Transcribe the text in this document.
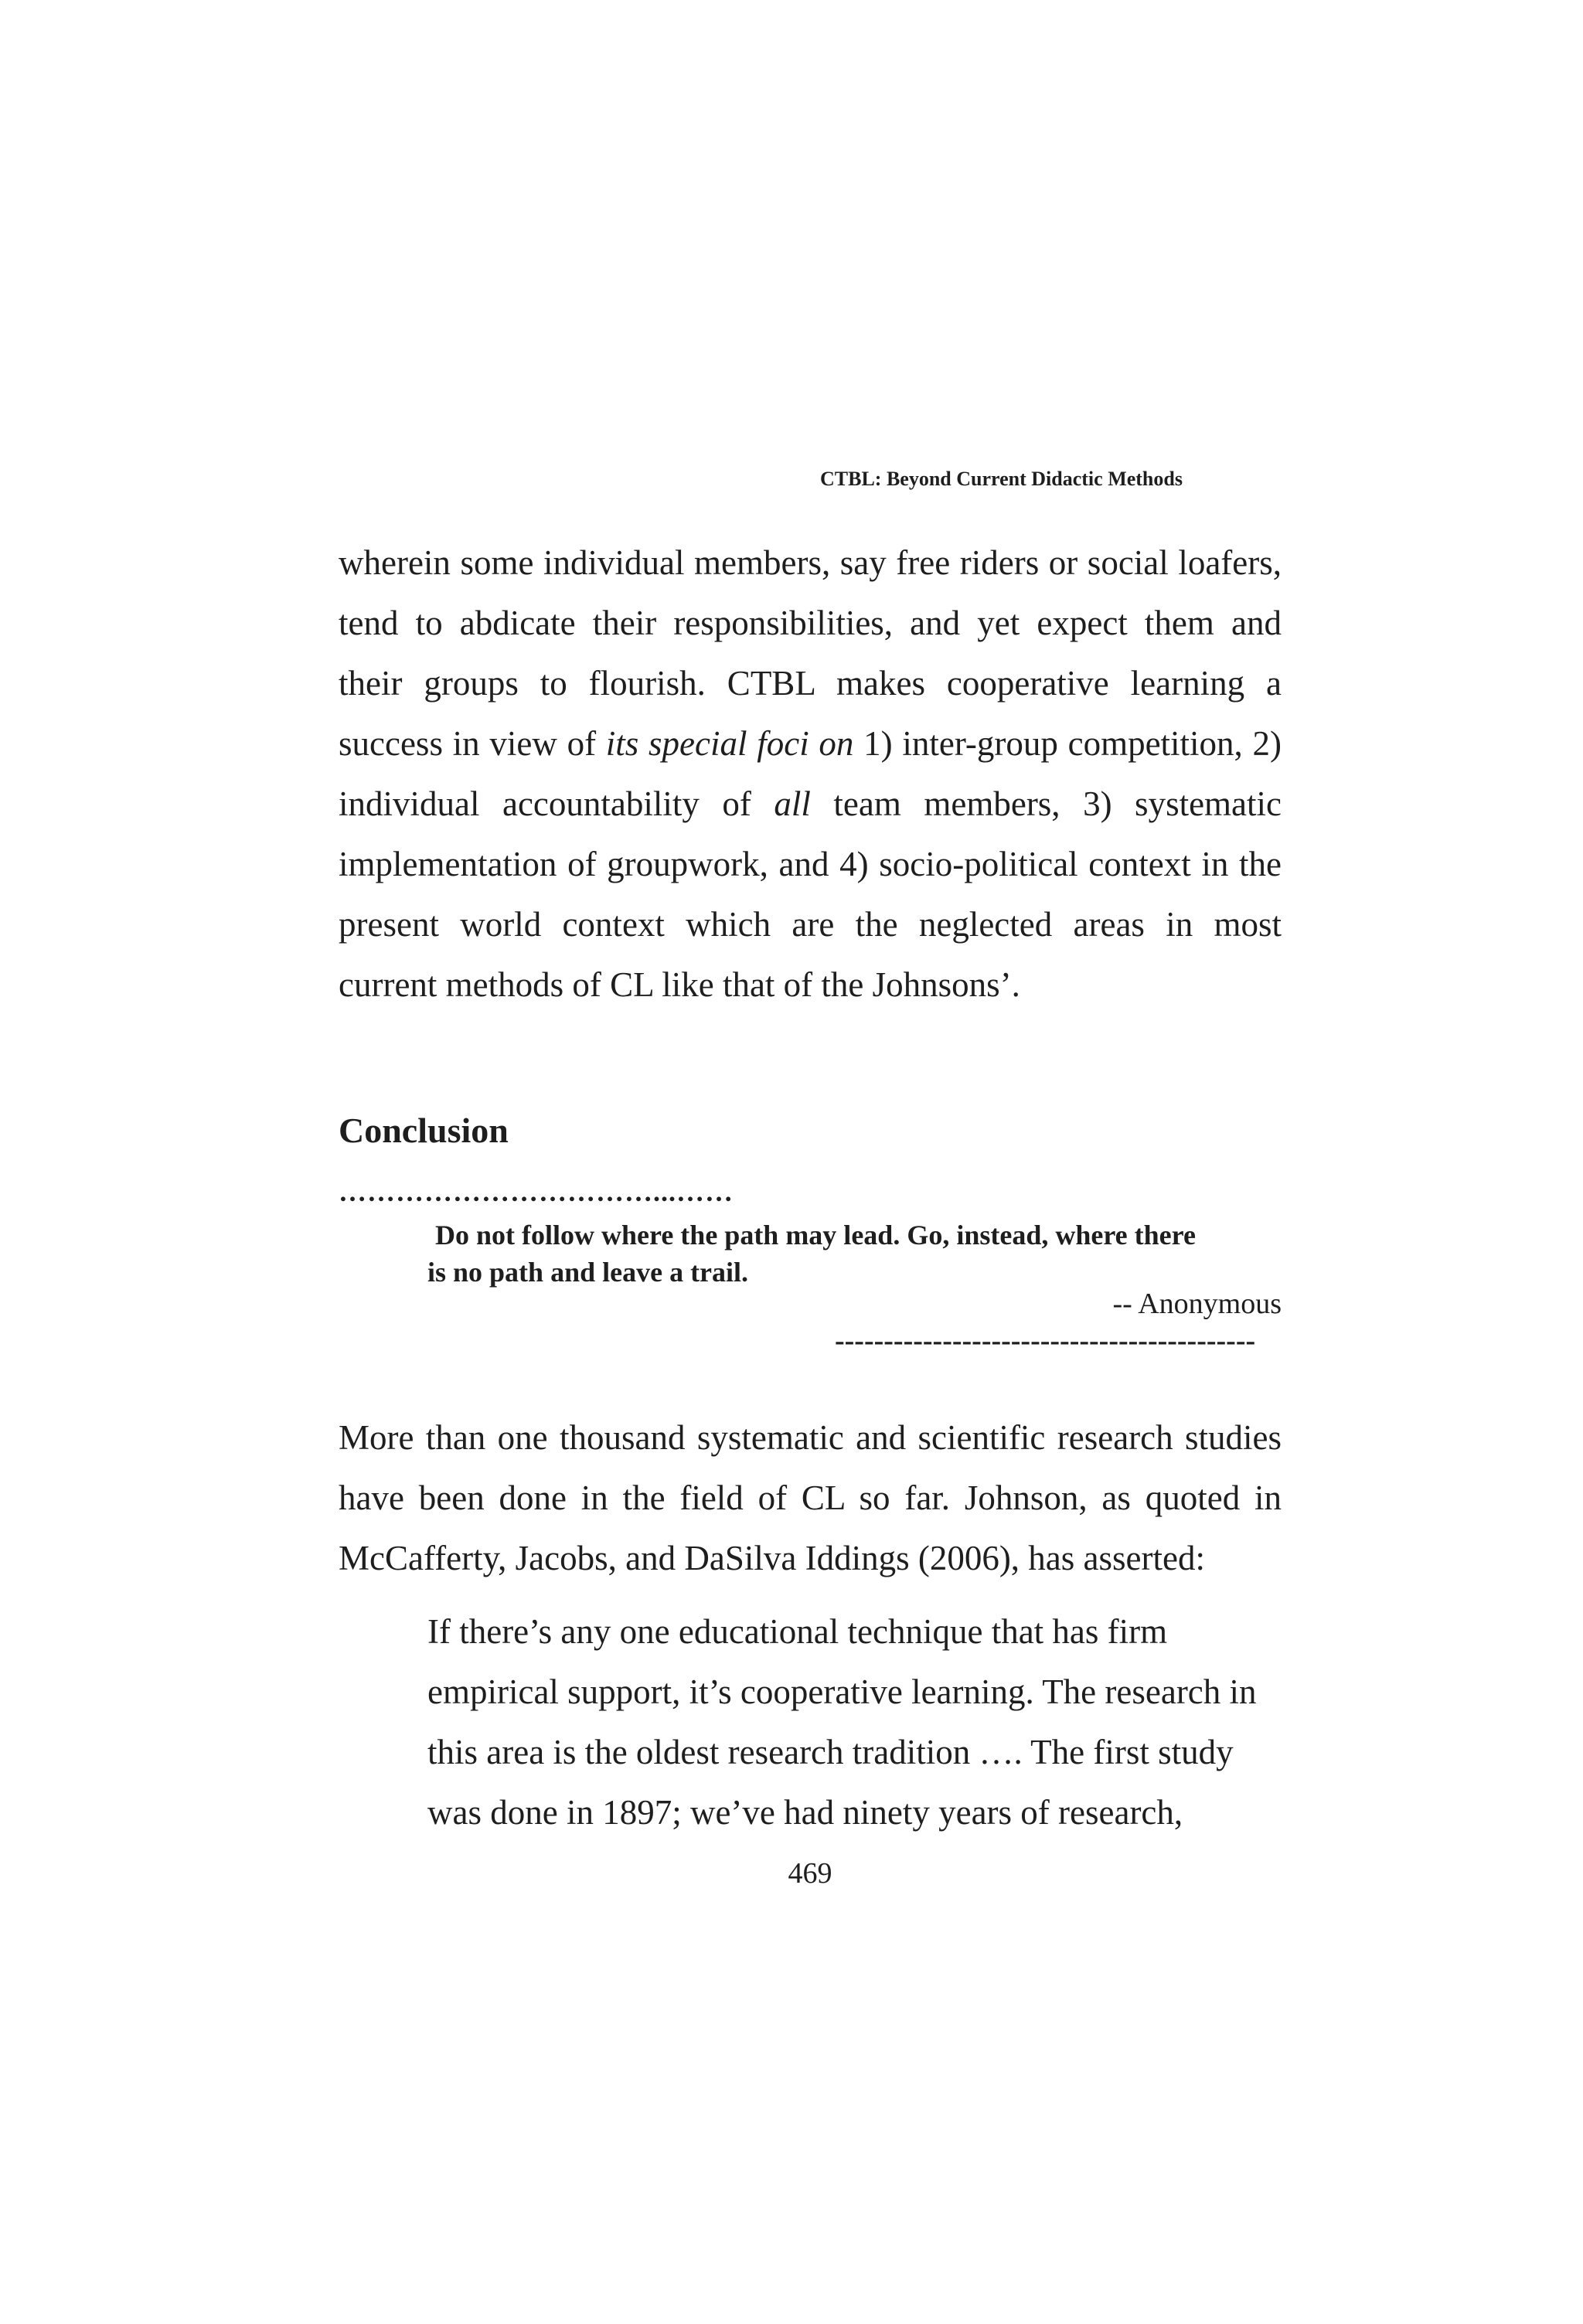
CTBL: Beyond Current Didactic Methods

wherein some individual members, say free riders or social loafers,
tend to abdicate their responsibilities, and yet expect them and
their groups to flourish. CTBL makes cooperative learning a
success in view of its special foci on 1) inter-group competition, 2)
individual accountability of all team members, 3) systematic
implementation of groupwork, and 4) socio-political context in the
present world context which are the neglected areas in most
current methods of CL like that of the Johnsons’.

Conclusion
……………………………...……

Do not follow where the path may lead. Go, instead, where there
is no path and leave a trail.

-- Anonymous
-------------------------------------------

More than one thousand systematic and scientific research studies
have been done in the field of CL so far. Johnson, as quoted in
McCafferty, Jacobs, and DaSilva Iddings (2006), has asserted:

If there’s any one educational technique that has firm
empirical support, it’s cooperative learning. The research in
this area is the oldest research tradition …. The first study
was done in 1897; we’ve had ninety years of research,

469
